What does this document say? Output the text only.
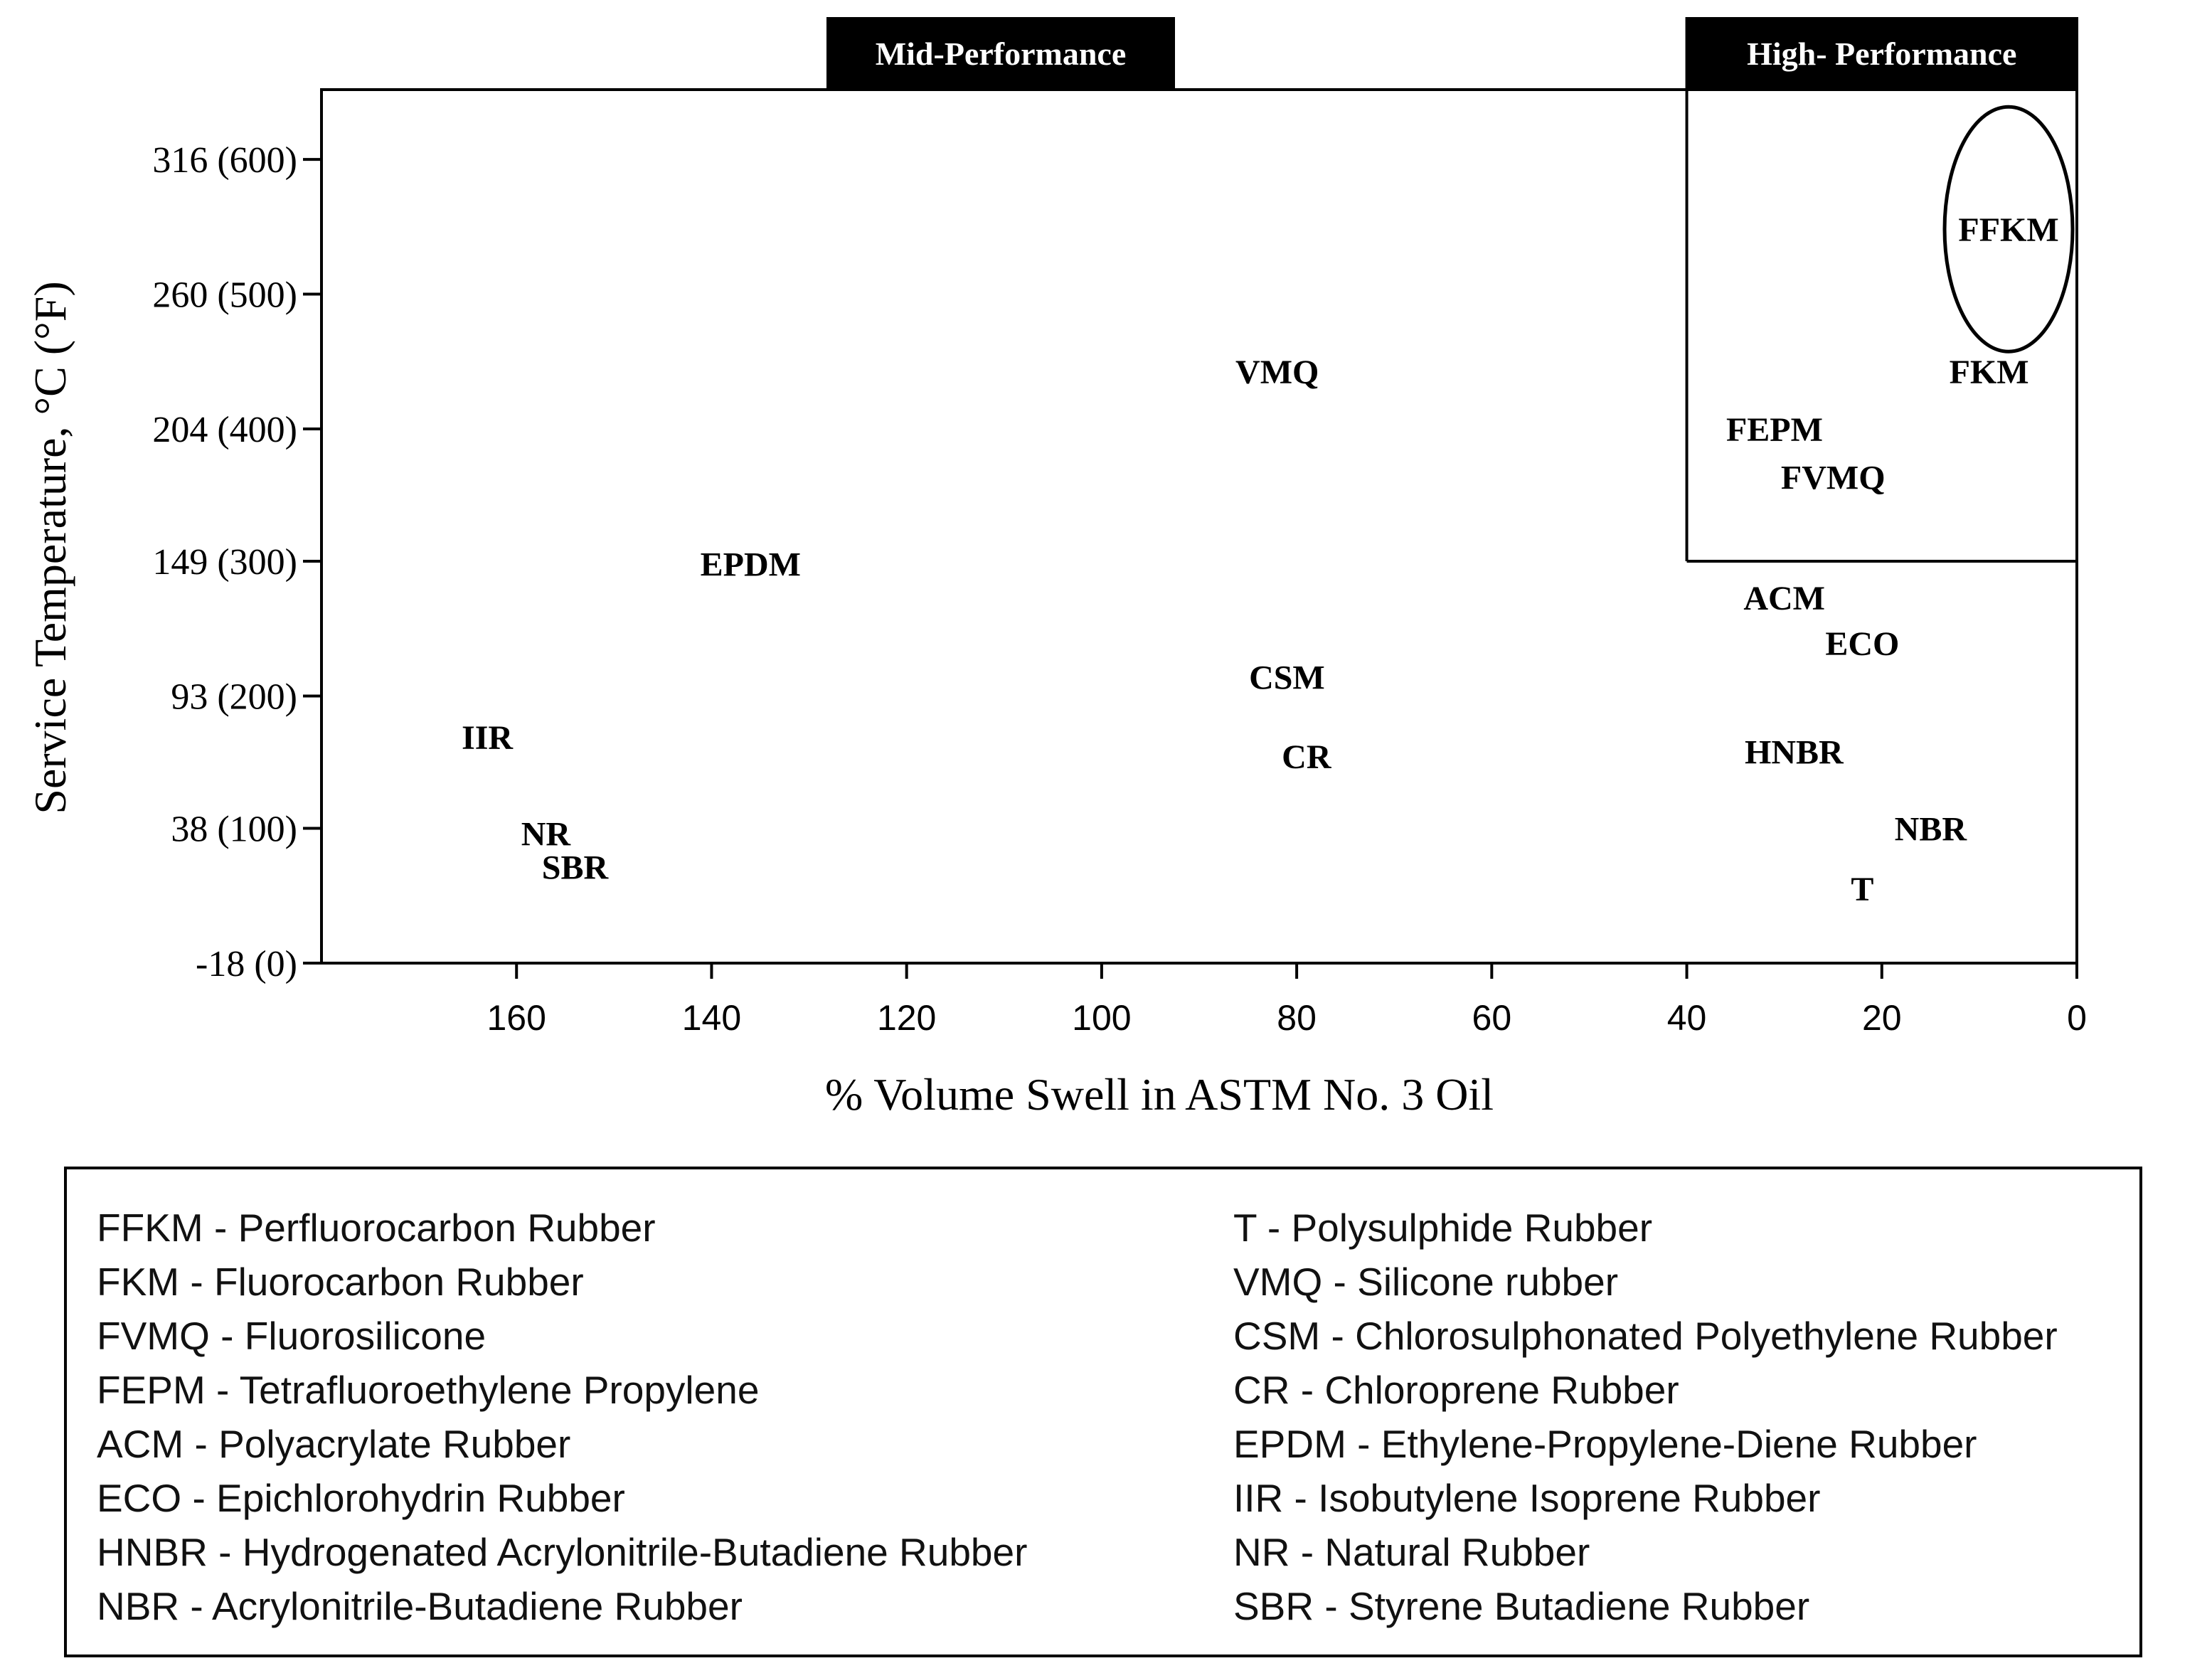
Mid-Performance	High- Performance
316 (600)
260 (500)
204 (400)
149 (300)
93 (200)
38 (100)
-18 (0)
160	140	120	100	80	60	40	20	0
FFKM
FKM
FEPM
FVMQ
VMQ
EPDM
ACM
ECO
CSM
IIR
CR	HNBR
NBR
NR
SBR
T
% Volume Swell in ASTM No. 3 Oil
Service Temperature, °C (°F)
FFKM - Perfluorocarbon Rubber
FKM - Fluorocarbon Rubber
FVMQ - Fluorosilicone
FEPM - Tetrafluoroethylene Propylene
ACM - Polyacrylate Rubber
ECO - Epichlorohydrin Rubber
HNBR - Hydrogenated Acrylonitrile-Butadiene Rubber
NBR - Acrylonitrile-Butadiene Rubber
T - Polysulphide Rubber
VMQ - Silicone rubber
CSM - Chlorosulphonated Polyethylene Rubber
CR - Chloroprene Rubber
EPDM - Ethylene-Propylene-Diene Rubber
IIR - Isobutylene Isoprene Rubber
NR - Natural Rubber
SBR - Styrene Butadiene Rubber
